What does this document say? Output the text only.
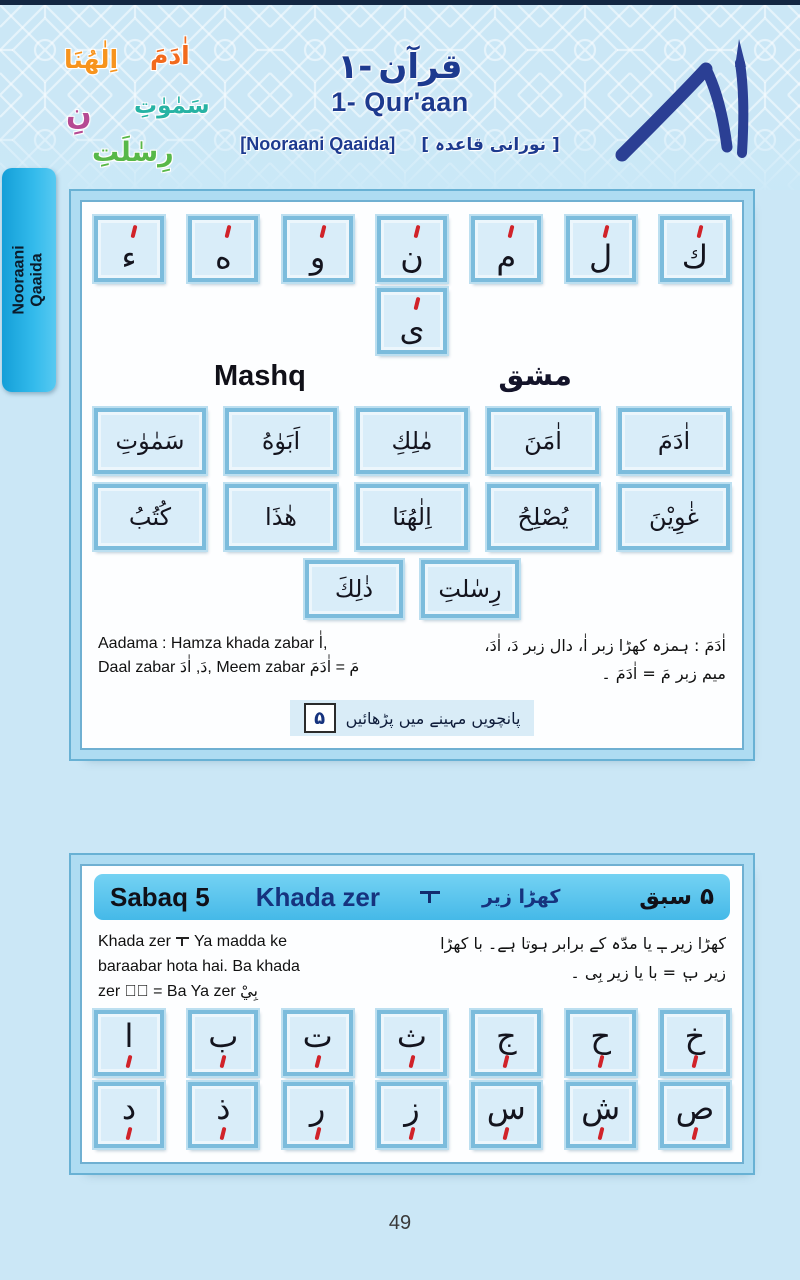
اِلٰهُنَا اٰدَمَ
سَمٰوٰتِ
نِ
رِسٰلَتِ
۱- قرآن
1- Qur'aan
[Nooraani Qaaida] [ نورانی قاعدہ ]
Nooraani Qaaida ء ه و ن م ل ك
ى
Mashq	مشق
سَمٰوٰتِ	اَبَوٰهُ	مٰلِكِ	اٰمَنَ	اٰدَمَ
كُتُبُ	هٰذَا	اِلٰهُنَا	يُصْلِحُ	غٰوِيْنَ
ذٰلِكَ	رِسٰلتِ
Aadama : Hamza khada zabar اٰ,
Daal zabar دَ, اٰدَ, Meem zabar مَ = اٰدَمَ
اٰدَمَ : ہمزہ کھڑا زبر اٰ، دال زبر دَ، اٰدَ،
میم زبر مَ = اٰدَمَ ۔
۵	پانچویں مہینے میں پڑھائیں
Sabaq 5 Khada zer	کھڑا زیر	سبق ۵
Khada zer Ya madda ke
baraabar hota hai. Ba khada
zer بٖ = Ba Ya zer بِيْ
کھڑا زیر ـٖ یا مدّہ کے برابر ہوتا ہے۔ با کھڑا
زیر بٖ = با یا زیر بِی ۔
ا ب ت ث ج ح خ
د	ذ ر ز س ش ص
49
